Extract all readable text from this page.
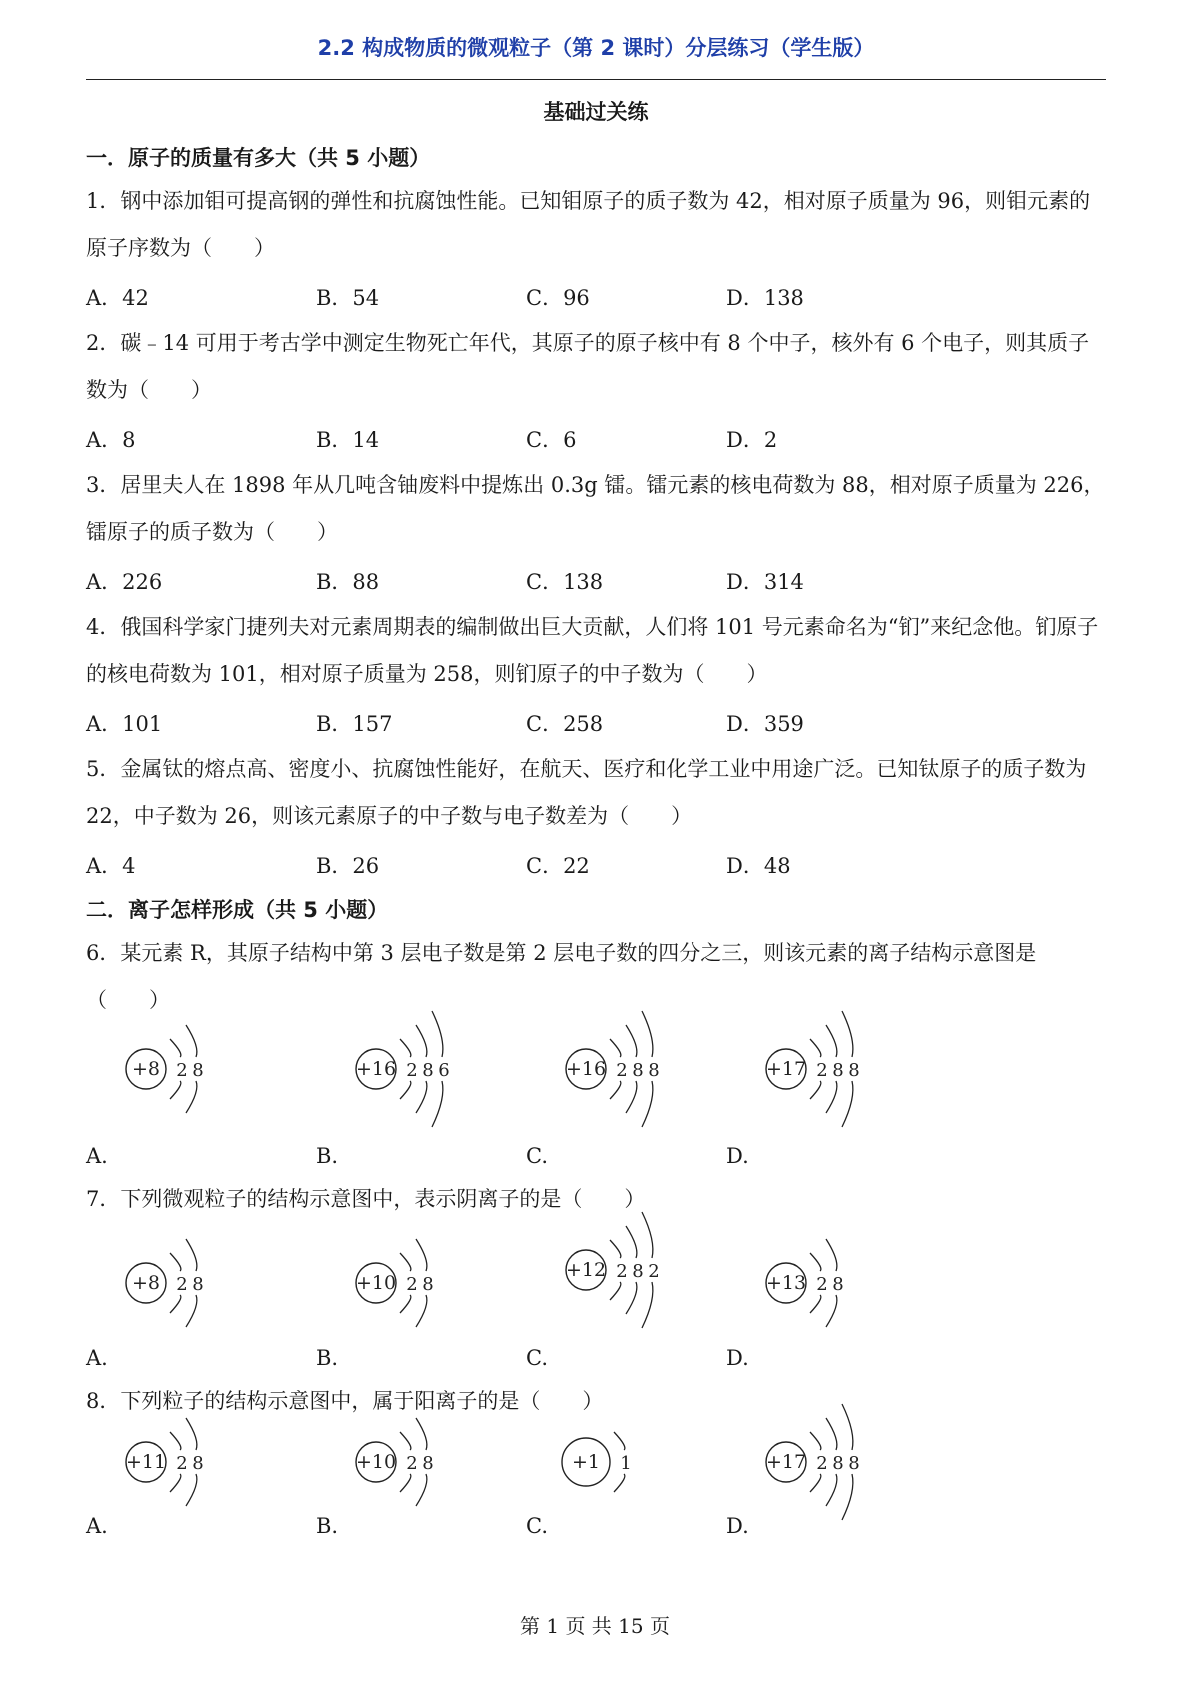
2.2 构成物质的微观粒子（第 2 课时）分层练习（学生版）
基础过关练
一．原子的质量有多大（共 5 小题）
1．钢中添加钼可提高钢的弹性和抗腐蚀性能。已知钼原子的质子数为 42，相对原子质量为 96，则钼元素的原子序数为（　　）
A．42	B．54	C．96	D．138
2．碳﹣14 可用于考古学中测定生物死亡年代，其原子的原子核中有 8 个中子，核外有 6 个电子，则其质子数为（　　）
A．8	B．14	C．6	D．2
3．居里夫人在 1898 年从几吨含铀废料中提炼出 0.3g 镭。镭元素的核电荷数为 88，相对原子质量为 226，镭原子的质子数为（　　）
A．226	B．88	C．138	D．314
4．俄国科学家门捷列夫对元素周期表的编制做出巨大贡献，人们将 101 号元素命名为“钔”来纪念他。钔原子的核电荷数为 101，相对原子质量为 258，则钔原子的中子数为（　　）
A．101	B．157	C．258	D．359
5．金属钛的熔点高、密度小、抗腐蚀性能好，在航天、医疗和化学工业中用途广泛。已知钛原子的质子数为 22，中子数为 26，则该元素原子的中子数与电子数差为（　　）
A．4	B．26	C．22	D．48
二．离子怎样形成（共 5 小题）
6．某元素 R，其原子结构中第 3 层电子数是第 2 层电子数的四分之三，则该元素的离子结构示意图是（　　）
+8 2 8
A.
+16 2 8 6
B.
+16 2 8 8
C.
+17 2 8 8
D.
7．下列微观粒子的结构示意图中，表示阴离子的是（　　）
+8 2 8
A.
+10 2 8
B.
+12 2 8 2
C.
+13 2 8
D.
8．下列粒子的结构示意图中，属于阳离子的是（　　）
+11 2 8
A.
+10 2 8
B.
+1 1
C.
+17 2 8 8
D.
第 1 页 共 15 页
